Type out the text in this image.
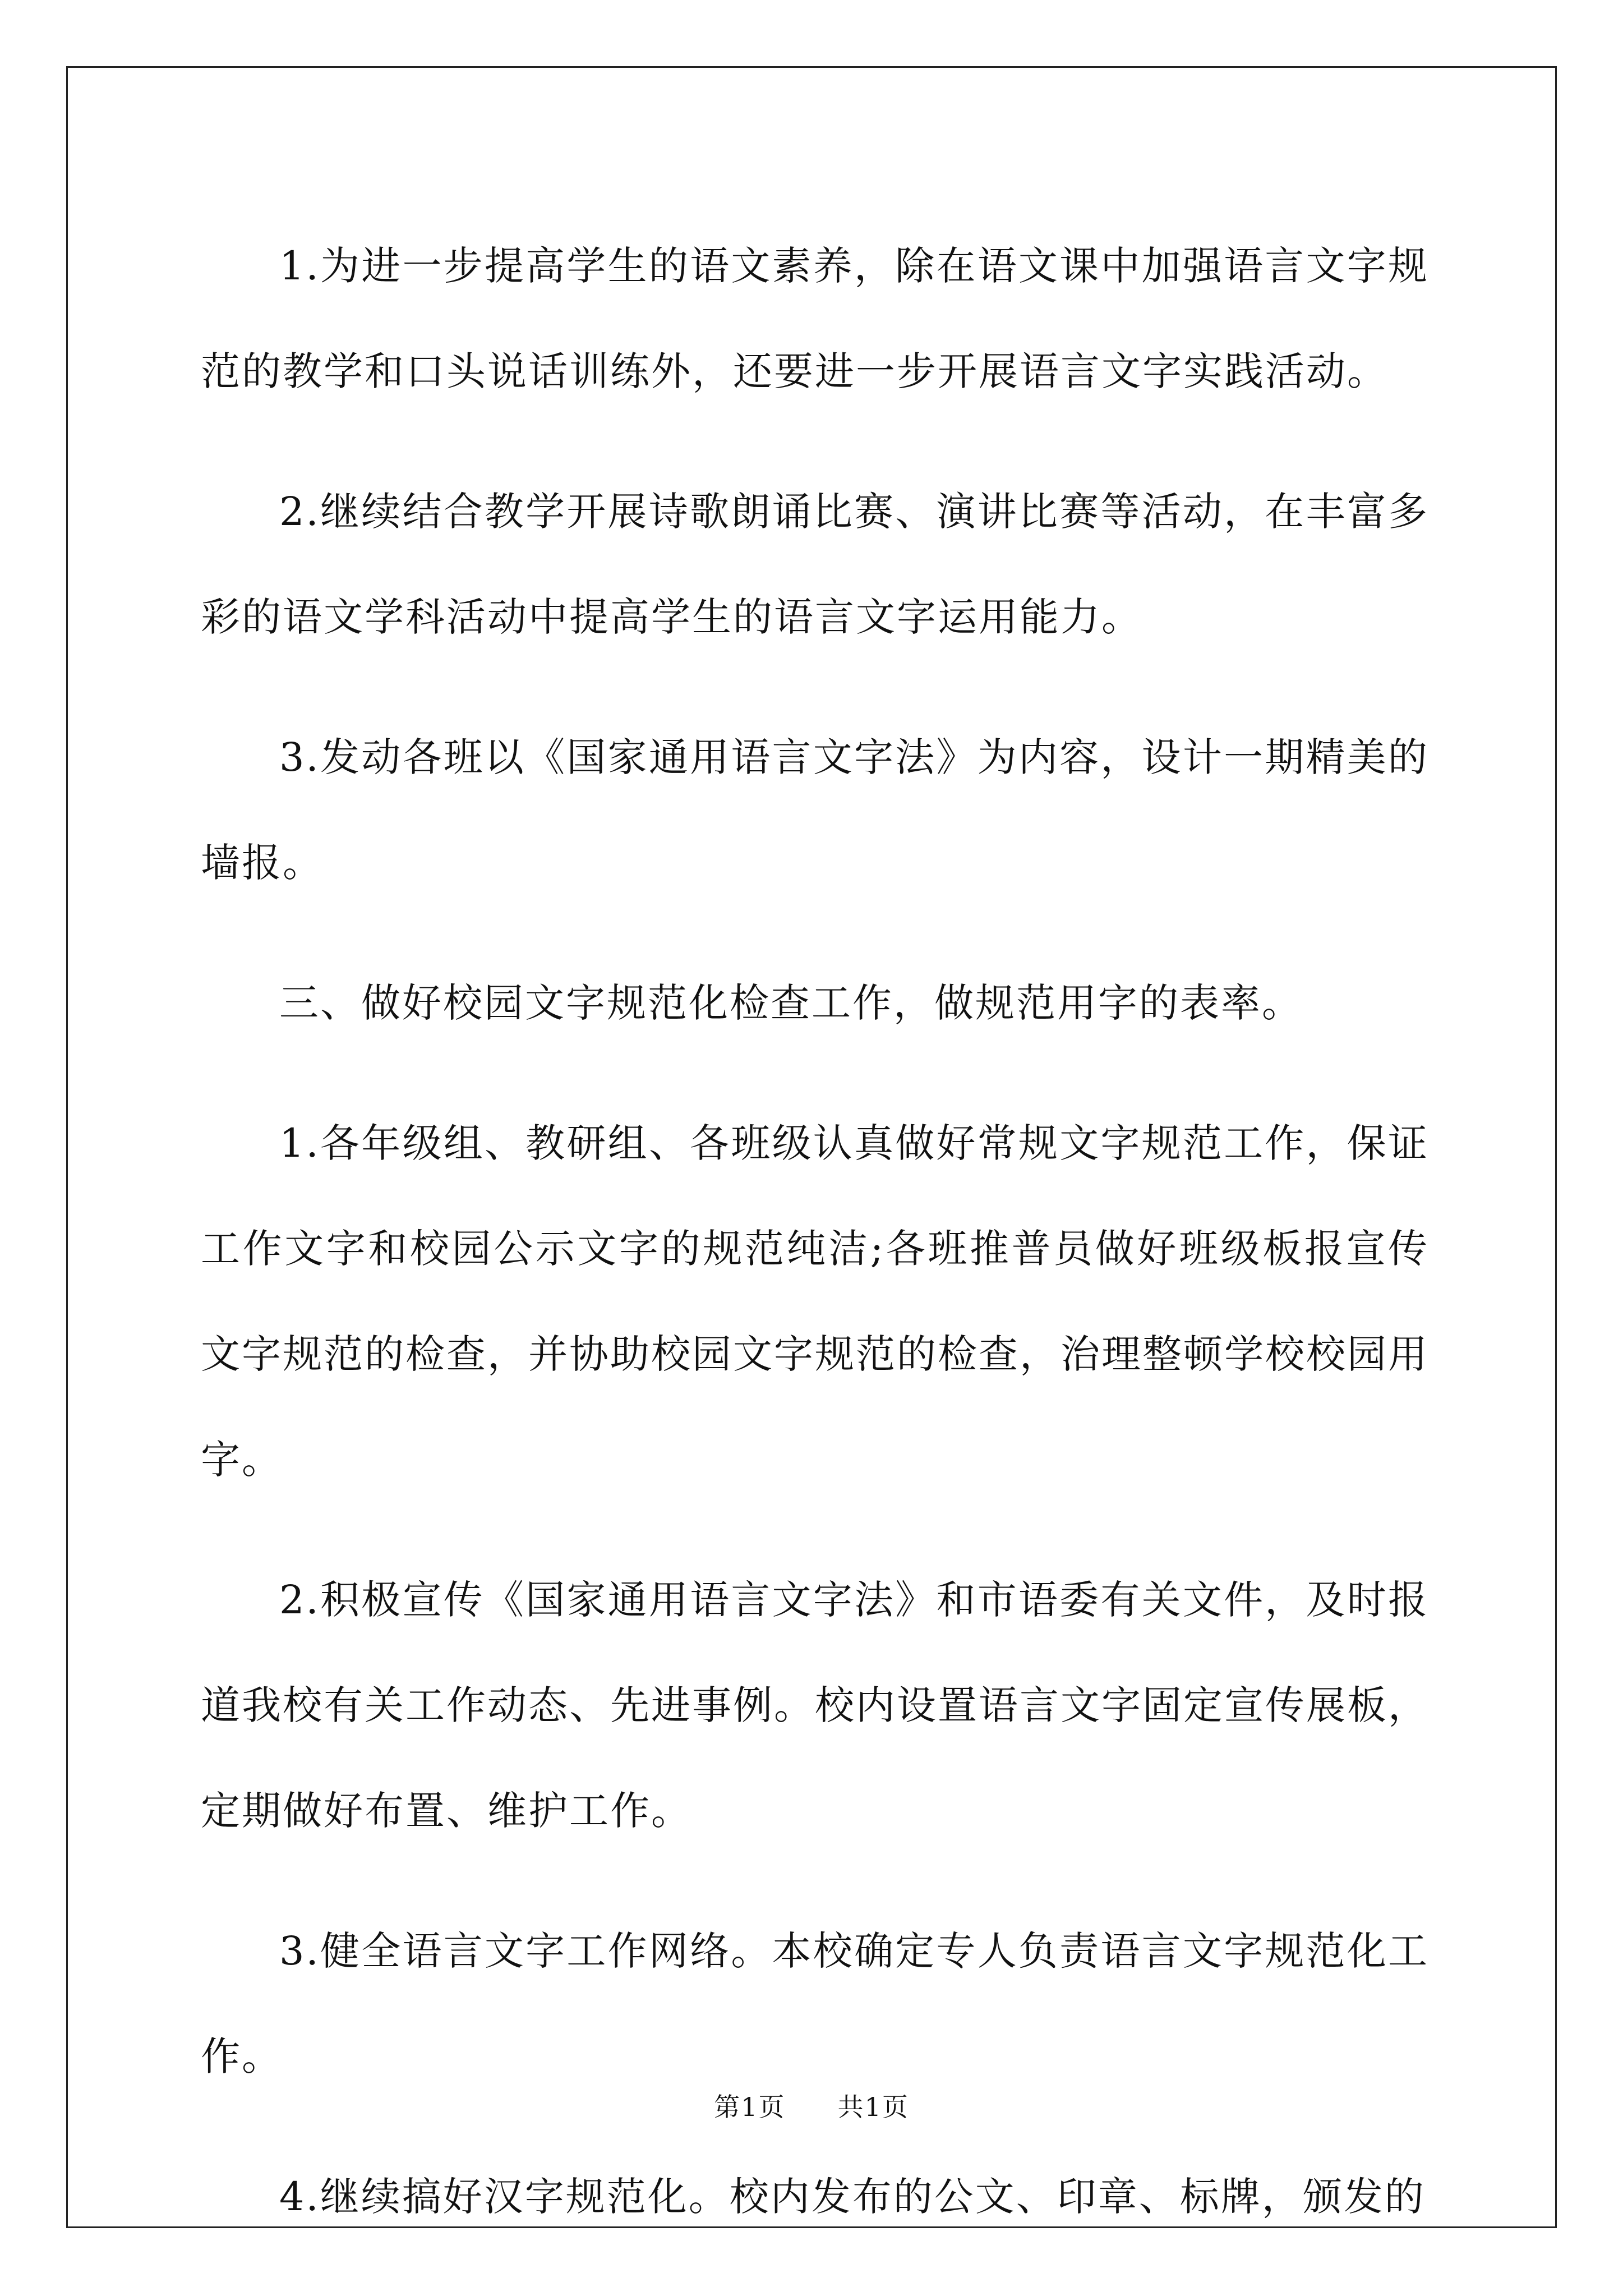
1.为进一步提高学生的语文素养，除在语文课中加强语言文字规范的教学和口头说话训练外，还要进一步开展语言文字实践活动。

2.继续结合教学开展诗歌朗诵比赛、演讲比赛等活动，在丰富多彩的语文学科活动中提高学生的语言文字运用能力。

3.发动各班以《国家通用语言文字法》为内容，设计一期精美的墙报。

三、做好校园文字规范化检查工作，做规范用字的表率。

1.各年级组、教研组、各班级认真做好常规文字规范工作，保证工作文字和校园公示文字的规范纯洁;各班推普员做好班级板报宣传文字规范的检查，并协助校园文字规范的检查，治理整顿学校校园用字。

2.积极宣传《国家通用语言文字法》和市语委有关文件，及时报道我校有关工作动态、先进事例。校内设置语言文字固定宣传展板，定期做好布置、维护工作。

3.健全语言文字工作网络。本校确定专人负责语言文字规范化工作。

4.继续搞好汉字规范化。校内发布的公文、印章、标牌，颁发的

第1页 共1页
